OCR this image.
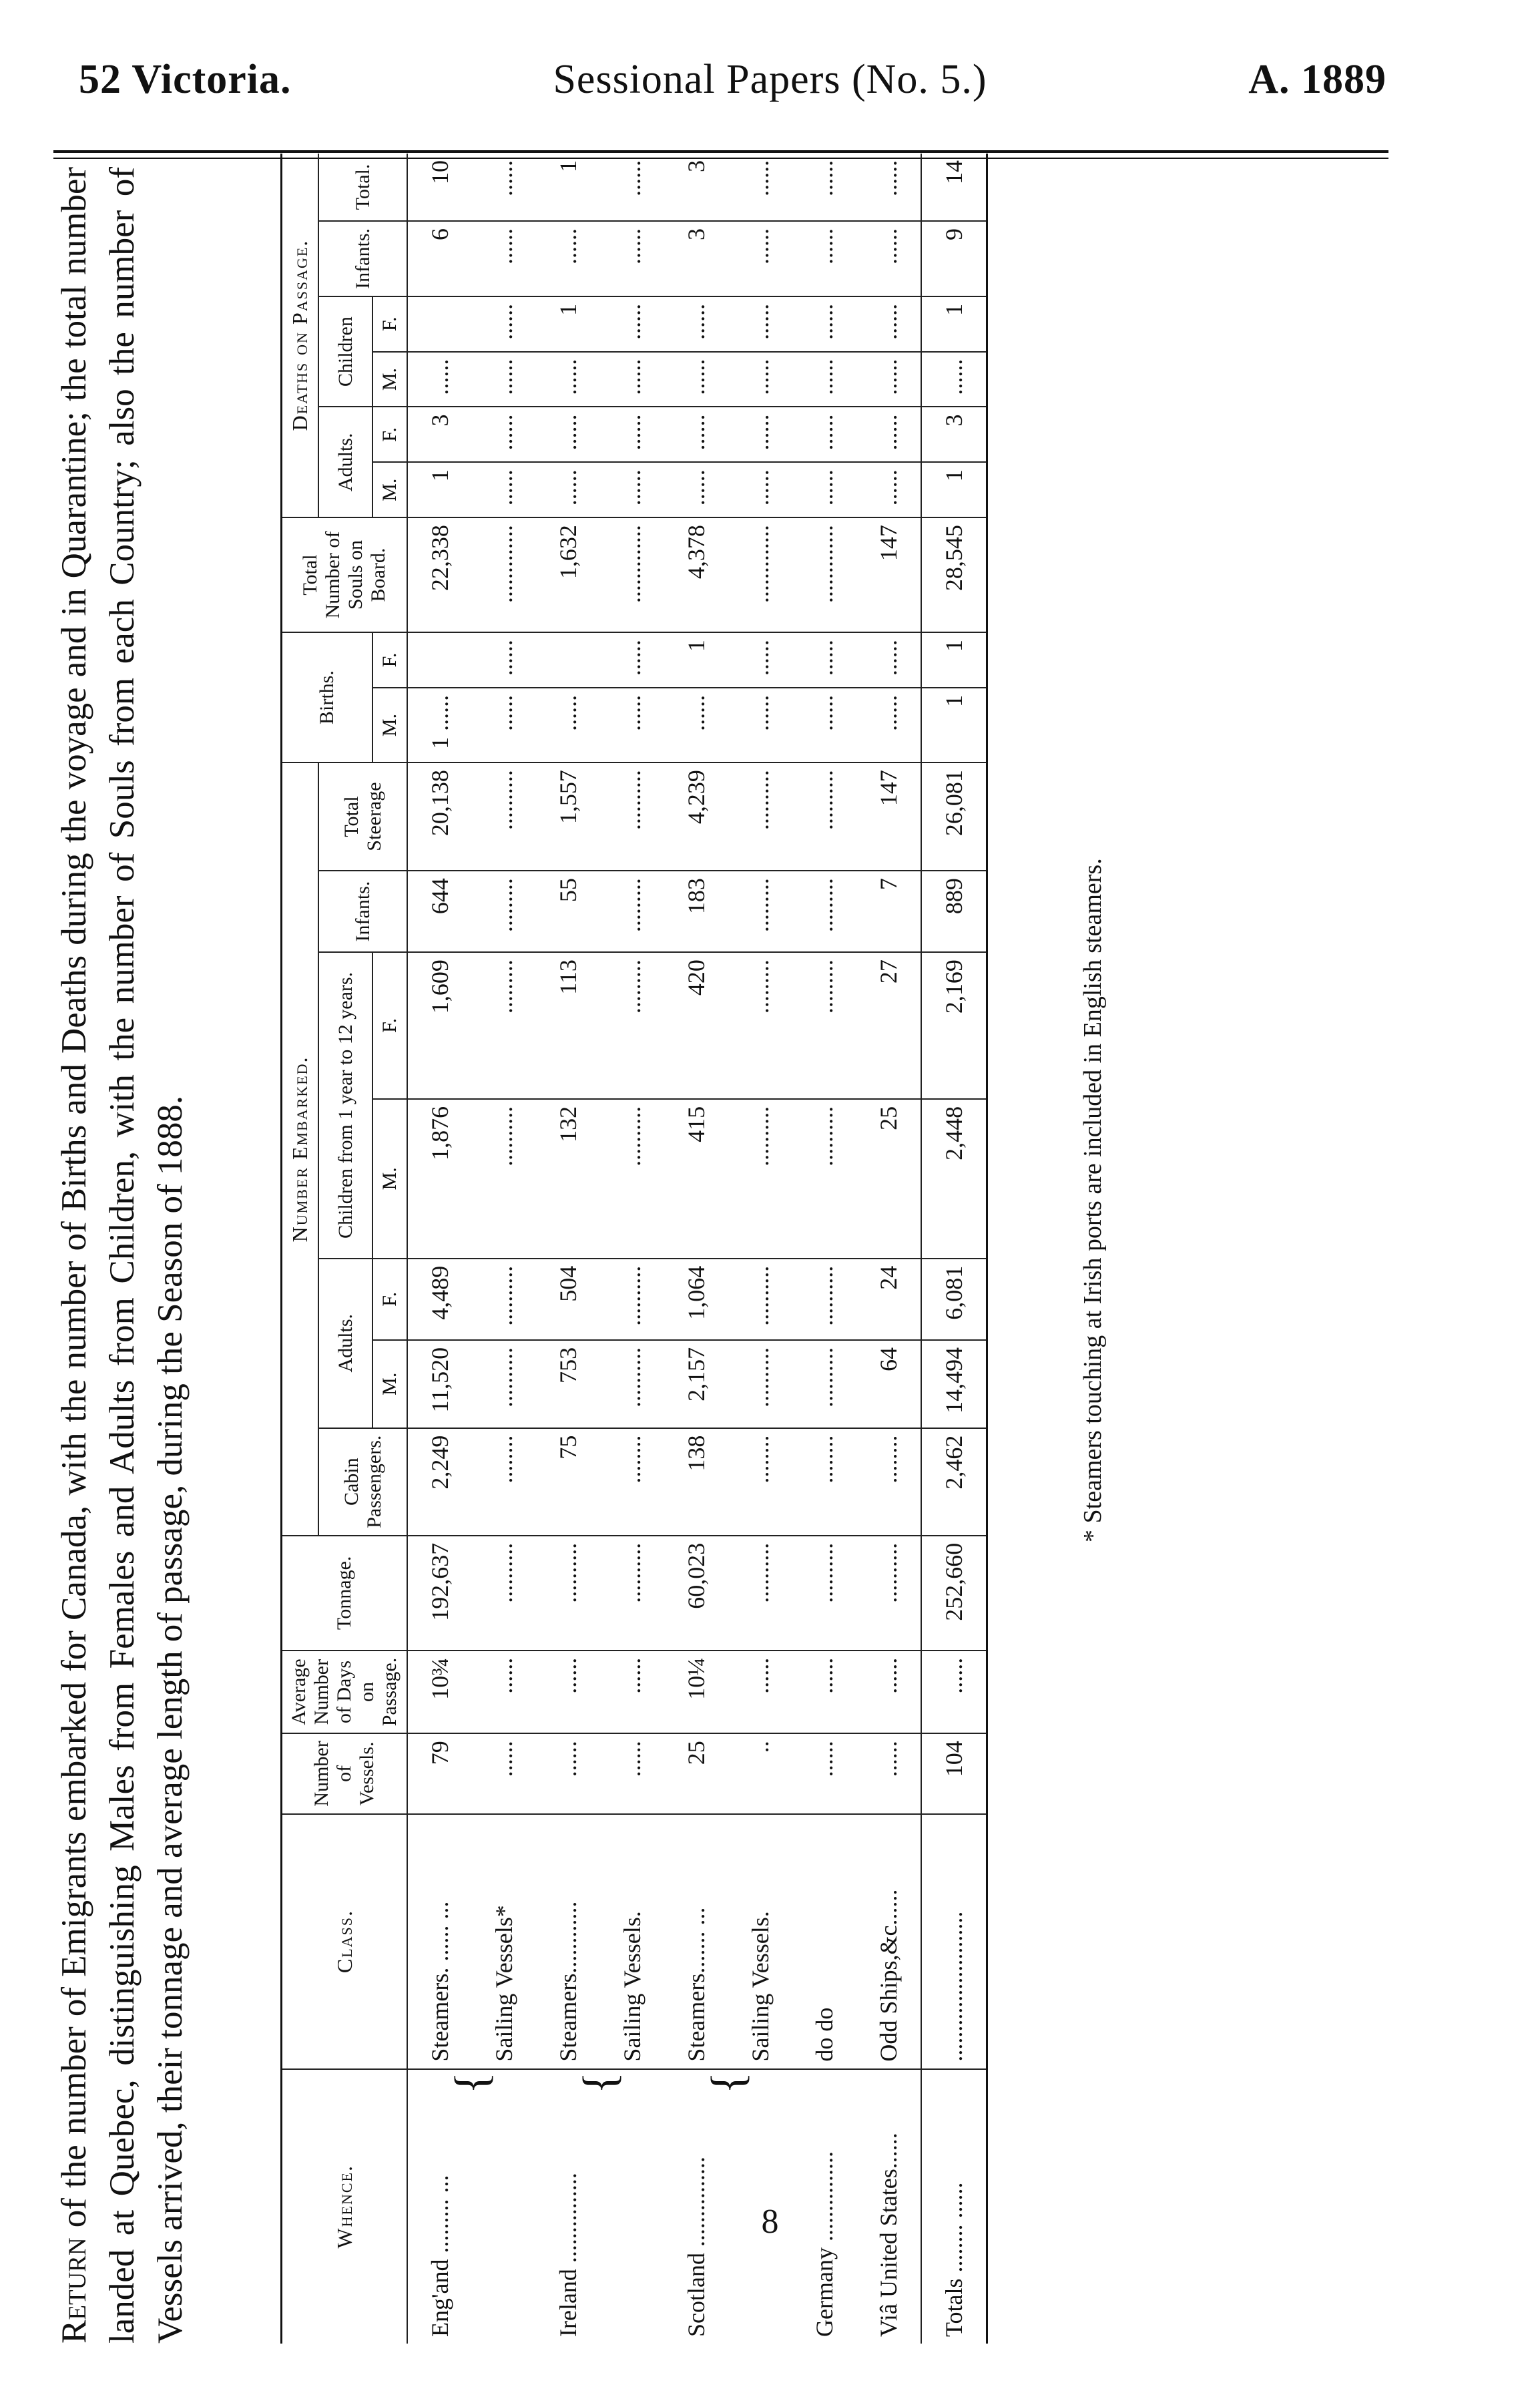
52 Victoria.	Sessional Papers (No. 5.)	A. 1889
Return of the number of Emigrants embarked for Canada, with the number of Births and Deaths during the voyage and in Quarantine; the total number landed at Quebec, distinguishing Males from Females and Adults from Children, with the number of Souls from each Country; also the number of Vessels arrived, their tonnage and average length of passage, during the Season of 1888.	Whence.		Class.	Number of Vessels.	Average Number of Days on Passage.	Tonnage.	Number Embarked.							Births.		Total Number of Souls on Board.	Deaths on Passage.					
						Cabin Passengers.	Adults.		Children from 1 year to 12 years.		Infants.	Total Steerage				Adults.		Children		Infants.	Total.
							M.	F.	M.	F.			M.	F.		M.	F.	M.	F.		
Eng'and ......... ...	{	Steamers. ...... ...	79	10¾	192,637	2,249	11,520	4,489	1,876	1,609	644	20,138	1 ......		22,338	1	3	......		6	10
		Sailing Vessels*	......	......	..........	........	..........	..........	..........	.........	.........	..........	......	......	.............	......	......	......	......	......	......
Ireland ...............	{	Steamers............	......	......	..........	75	753	504	132	113	55	1,557	......		1,632	......	......	......	1	......	1
		Sailing Vessels.	......	......	..........	........	..........	..........	..........	.........	.........	..........	......	......	.............	......	......	......	......	......	......
Scotland ...............	{	Steamers....... ...	25	10¼	60,023	138	2,157	1,064	415	420	183	4,239	......	1	4,378	......	......	......	......	3	3
		Sailing Vessels.	..	......	..........	........	..........	..........	..........	.........	.........	..........	......	......	.............	......	......	......	......	......	......
Germany ...............		do do	......	......	..........	........	..........	..........	..........	.........	.........	..........	......	......	.............	......	......	......	......	......	......
Viâ United States......		Odd Ships,&c......	......	......	..........	........	64	24	25	27	7	147	......	......	147	......	......	......	......	......	......
Totals ........ ......		.........................	104	......	252,660	2,462	14,494	6,081	2,448	2,169	889	26,081	1	1	28,545	1	3	......	1	9	14
* Steamers touching at Irish ports are included in English steamers.
8
